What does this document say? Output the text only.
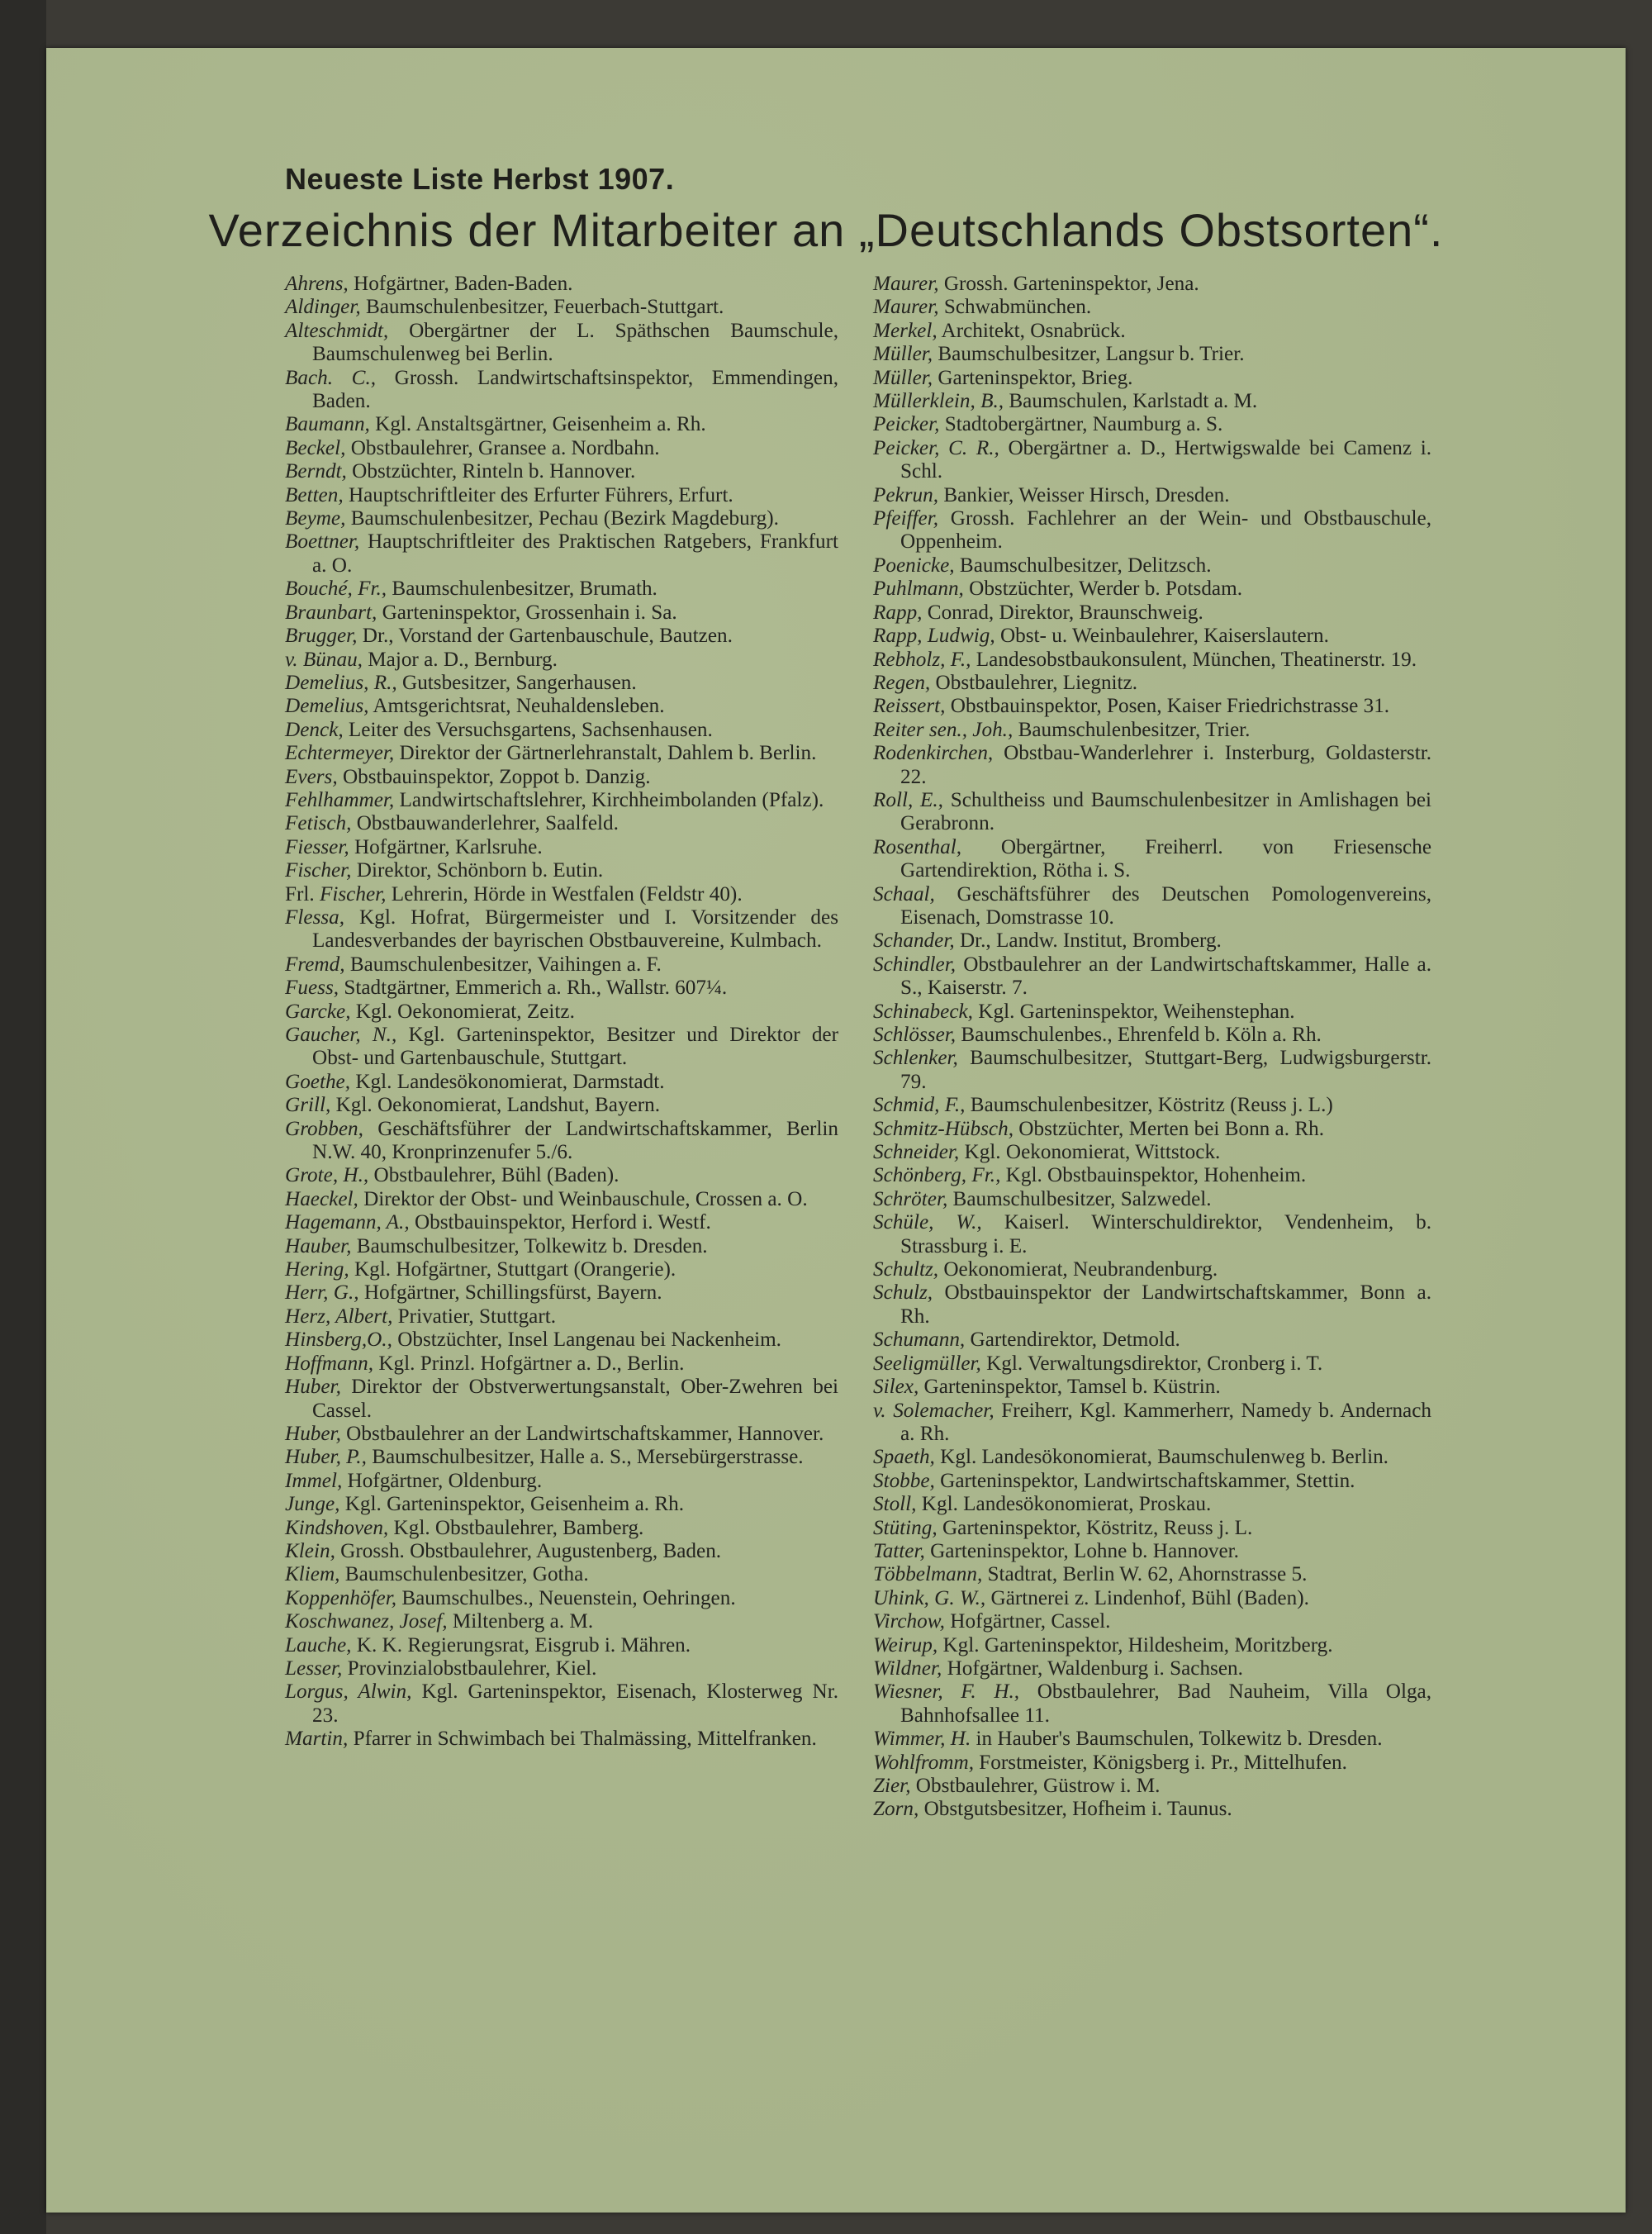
Neueste Liste Herbst 1907.
Verzeichnis der Mitarbeiter an „Deutschlands Obstsorten“.
Ahrens, Hofgärtner, Baden-Baden.
Aldinger, Baumschulenbesitzer, Feuerbach-Stuttgart.
Alteschmidt, Obergärtner der L. Späthschen Baumschule, Baumschulenweg bei Berlin.
Bach. C., Grossh. Landwirtschaftsinspektor, Emmendingen, Baden.
Baumann, Kgl. Anstaltsgärtner, Geisenheim a. Rh.
Beckel, Obstbaulehrer, Gransee a. Nordbahn.
Berndt, Obstzüchter, Rinteln b. Hannover.
Betten, Hauptschriftleiter des Erfurter Führers, Erfurt.
Beyme, Baumschulenbesitzer, Pechau (Bezirk Magdeburg).
Boettner, Hauptschriftleiter des Praktischen Ratgebers, Frankfurt a. O.
Bouché, Fr., Baumschulenbesitzer, Brumath.
Braunbart, Garteninspektor, Grossenhain i. Sa.
Brugger, Dr., Vorstand der Gartenbauschule, Bautzen.
v. Bünau, Major a. D., Bernburg.
Demelius, R., Gutsbesitzer, Sangerhausen.
Demelius, Amtsgerichtsrat, Neuhaldensleben.
Denck, Leiter des Versuchsgartens, Sachsenhausen.
Echtermeyer, Direktor der Gärtnerlehranstalt, Dahlem b. Berlin.
Evers, Obstbauinspektor, Zoppot b. Danzig.
Fehlhammer, Landwirtschaftslehrer, Kirchheimbolanden (Pfalz).
Fetisch, Obstbauwanderlehrer, Saalfeld.
Fiesser, Hofgärtner, Karlsruhe.
Fischer, Direktor, Schönborn b. Eutin.
Frl. Fischer, Lehrerin, Hörde in Westfalen (Feldstr 40).
Flessa, Kgl. Hofrat, Bürgermeister und I. Vorsitzender des Landesverbandes der bayrischen Obstbauvereine, Kulmbach.
Fremd, Baumschulenbesitzer, Vaihingen a. F.
Fuess, Stadtgärtner, Emmerich a. Rh., Wallstr. 607¼.
Garcke, Kgl. Oekonomierat, Zeitz.
Gaucher, N., Kgl. Garteninspektor, Besitzer und Direktor der Obst- und Gartenbauschule, Stuttgart.
Goethe, Kgl. Landesökonomierat, Darmstadt.
Grill, Kgl. Oekonomierat, Landshut, Bayern.
Grobben, Geschäftsführer der Landwirtschaftskammer, Berlin N.W. 40, Kronprinzenufer 5./6.
Grote, H., Obstbaulehrer, Bühl (Baden).
Haeckel, Direktor der Obst- und Weinbauschule, Crossen a. O.
Hagemann, A., Obstbauinspektor, Herford i. Westf.
Hauber, Baumschulbesitzer, Tolkewitz b. Dresden.
Hering, Kgl. Hofgärtner, Stuttgart (Orangerie).
Herr, G., Hofgärtner, Schillingsfürst, Bayern.
Herz, Albert, Privatier, Stuttgart.
Hinsberg,O., Obstzüchter, Insel Langenau bei Nackenheim.
Hoffmann, Kgl. Prinzl. Hofgärtner a. D., Berlin.
Huber, Direktor der Obstverwertungsanstalt, Ober-Zwehren bei Cassel.
Huber, Obstbaulehrer an der Landwirtschaftskammer, Hannover.
Huber, P., Baumschulbesitzer, Halle a. S., Mersebürgerstrasse.
Immel, Hofgärtner, Oldenburg.
Junge, Kgl. Garteninspektor, Geisenheim a. Rh.
Kindshoven, Kgl. Obstbaulehrer, Bamberg.
Klein, Grossh. Obstbaulehrer, Augustenberg, Baden.
Kliem, Baumschulenbesitzer, Gotha.
Koppenhöfer, Baumschulbes., Neuenstein, Oehringen.
Koschwanez, Josef, Miltenberg a. M.
Lauche, K. K. Regierungsrat, Eisgrub i. Mähren.
Lesser, Provinzialobstbaulehrer, Kiel.
Lorgus, Alwin, Kgl. Garteninspektor, Eisenach, Klosterweg Nr. 23.
Martin, Pfarrer in Schwimbach bei Thalmässing, Mittelfranken.
Maurer, Grossh. Garteninspektor, Jena.
Maurer, Schwabmünchen.
Merkel, Architekt, Osnabrück.
Müller, Baumschulbesitzer, Langsur b. Trier.
Müller, Garteninspektor, Brieg.
Müllerklein, B., Baumschulen, Karlstadt a. M.
Peicker, Stadtobergärtner, Naumburg a. S.
Peicker, C. R., Obergärtner a. D., Hertwigswalde bei Camenz i. Schl.
Pekrun, Bankier, Weisser Hirsch, Dresden.
Pfeiffer, Grossh. Fachlehrer an der Wein- und Obstbauschule, Oppenheim.
Poenicke, Baumschulbesitzer, Delitzsch.
Puhlmann, Obstzüchter, Werder b. Potsdam.
Rapp, Conrad, Direktor, Braunschweig.
Rapp, Ludwig, Obst- u. Weinbaulehrer, Kaiserslautern.
Rebholz, F., Landesobstbaukonsulent, München, Theatinerstr. 19.
Regen, Obstbaulehrer, Liegnitz.
Reissert, Obstbauinspektor, Posen, Kaiser Friedrichstrasse 31.
Reiter sen., Joh., Baumschulenbesitzer, Trier.
Rodenkirchen, Obstbau-Wanderlehrer i. Insterburg, Goldasterstr. 22.
Roll, E., Schultheiss und Baumschulenbesitzer in Amlishagen bei Gerabronn.
Rosenthal, Obergärtner, Freiherrl. von Friesensche Gartendirektion, Rötha i. S.
Schaal, Geschäftsführer des Deutschen Pomologenvereins, Eisenach, Domstrasse 10.
Schander, Dr., Landw. Institut, Bromberg.
Schindler, Obstbaulehrer an der Landwirtschaftskammer, Halle a. S., Kaiserstr. 7.
Schinabeck, Kgl. Garteninspektor, Weihenstephan.
Schlösser, Baumschulenbes., Ehrenfeld b. Köln a. Rh.
Schlenker, Baumschulbesitzer, Stuttgart-Berg, Ludwigsburgerstr. 79.
Schmid, F., Baumschulenbesitzer, Köstritz (Reuss j. L.)
Schmitz-Hübsch, Obstzüchter, Merten bei Bonn a. Rh.
Schneider, Kgl. Oekonomierat, Wittstock.
Schönberg, Fr., Kgl. Obstbauinspektor, Hohenheim.
Schröter, Baumschulbesitzer, Salzwedel.
Schüle, W., Kaiserl. Winterschuldirektor, Vendenheim, b. Strassburg i. E.
Schultz, Oekonomierat, Neubrandenburg.
Schulz, Obstbauinspektor der Landwirtschaftskammer, Bonn a. Rh.
Schumann, Gartendirektor, Detmold.
Seeligmüller, Kgl. Verwaltungsdirektor, Cronberg i. T.
Silex, Garteninspektor, Tamsel b. Küstrin.
v. Solemacher, Freiherr, Kgl. Kammerherr, Namedy b. Andernach a. Rh.
Spaeth, Kgl. Landesökonomierat, Baumschulenweg b. Berlin.
Stobbe, Garteninspektor, Landwirtschaftskammer, Stettin.
Stoll, Kgl. Landesökonomierat, Proskau.
Stüting, Garteninspektor, Köstritz, Reuss j. L.
Tatter, Garteninspektor, Lohne b. Hannover.
Többelmann, Stadtrat, Berlin W. 62, Ahornstrasse 5.
Uhink, G. W., Gärtnerei z. Lindenhof, Bühl (Baden).
Virchow, Hofgärtner, Cassel.
Weirup, Kgl. Garteninspektor, Hildesheim, Moritzberg.
Wildner, Hofgärtner, Waldenburg i. Sachsen.
Wiesner, F. H., Obstbaulehrer, Bad Nauheim, Villa Olga, Bahnhofsallee 11.
Wimmer, H. in Hauber's Baumschulen, Tolkewitz b. Dresden.
Wohlfromm, Forstmeister, Königsberg i. Pr., Mittelhufen.
Zier, Obstbaulehrer, Güstrow i. M.
Zorn, Obstgutsbesitzer, Hofheim i. Taunus.
